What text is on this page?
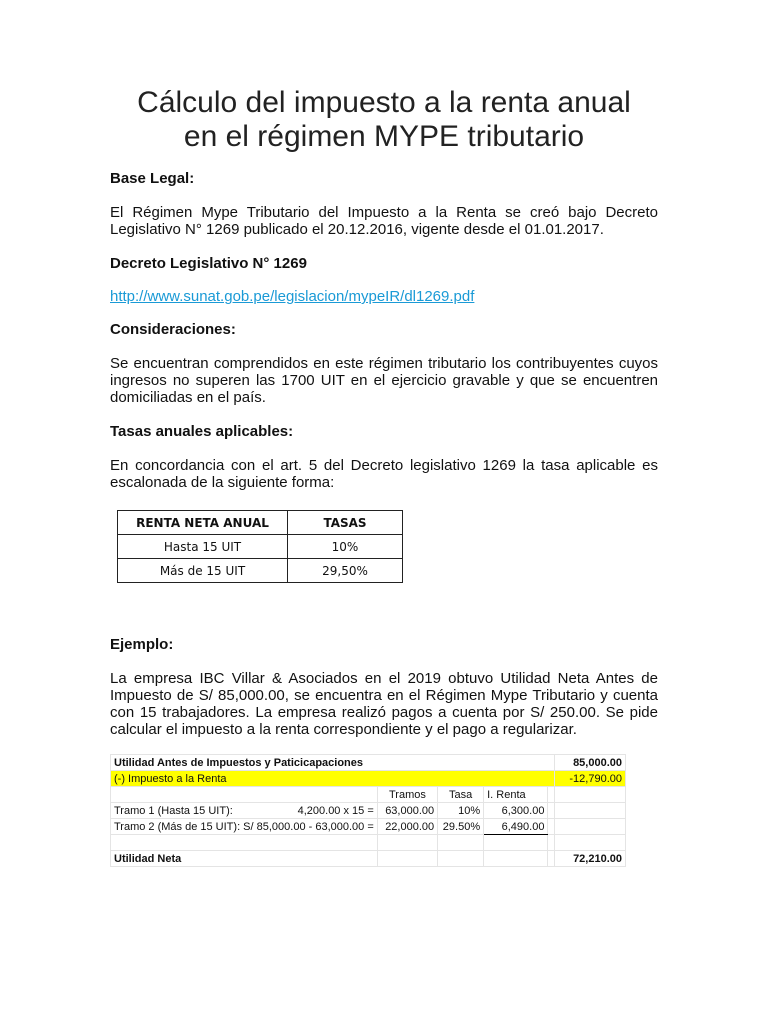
Cálculo del impuesto a la renta anual
en el régimen MYPE tributario

Base Legal:

El Régimen Mype Tributario del Impuesto a la Renta se creó bajo Decreto Legislativo N° 1269 publicado el 20.12.2016, vigente desde el 01.01.2017.

Decreto Legislativo N° 1269

http://www.sunat.gob.pe/legislacion/mypeIR/dl1269.pdf

Consideraciones:

Se encuentran comprendidos en este régimen tributario los contribuyentes cuyos ingresos no superen las 1700 UIT en el ejercicio gravable y que se encuentren domiciliadas en el país.

Tasas anuales aplicables:

En concordancia con el art. 5 del Decreto legislativo 1269 la tasa aplicable es escalonada de la siguiente forma:

RENTA NETA ANUAL	TASAS
Hasta 15 UIT	10%
Más de 15 UIT	29,50%

Ejemplo:

La empresa IBC Villar & Asociados en el 2019 obtuvo Utilidad Neta Antes de Impuesto de S/ 85,000.00, se encuentra en el Régimen Mype Tributario y cuenta con 15 trabajadores. La empresa realizó pagos a cuenta por S/ 250.00. Se pide calcular el impuesto a la renta correspondiente y el pago a regularizar.

Utilidad Antes de Impuestos y Paticicapaciones					85,000.00
(-) Impuesto a la Renta					-12,790.00
	Tramos	Tasa	I. Renta		
Tramo 1 (Hasta 15 UIT): 4,200.00 x 15 =	63,000.00	10%	6,300.00		
Tramo 2 (Más de 15 UIT): S/ 85,000.00 - 63,000.00 =	22,000.00	29.50%	6,490.00		

Utilidad Neta					72,210.00
